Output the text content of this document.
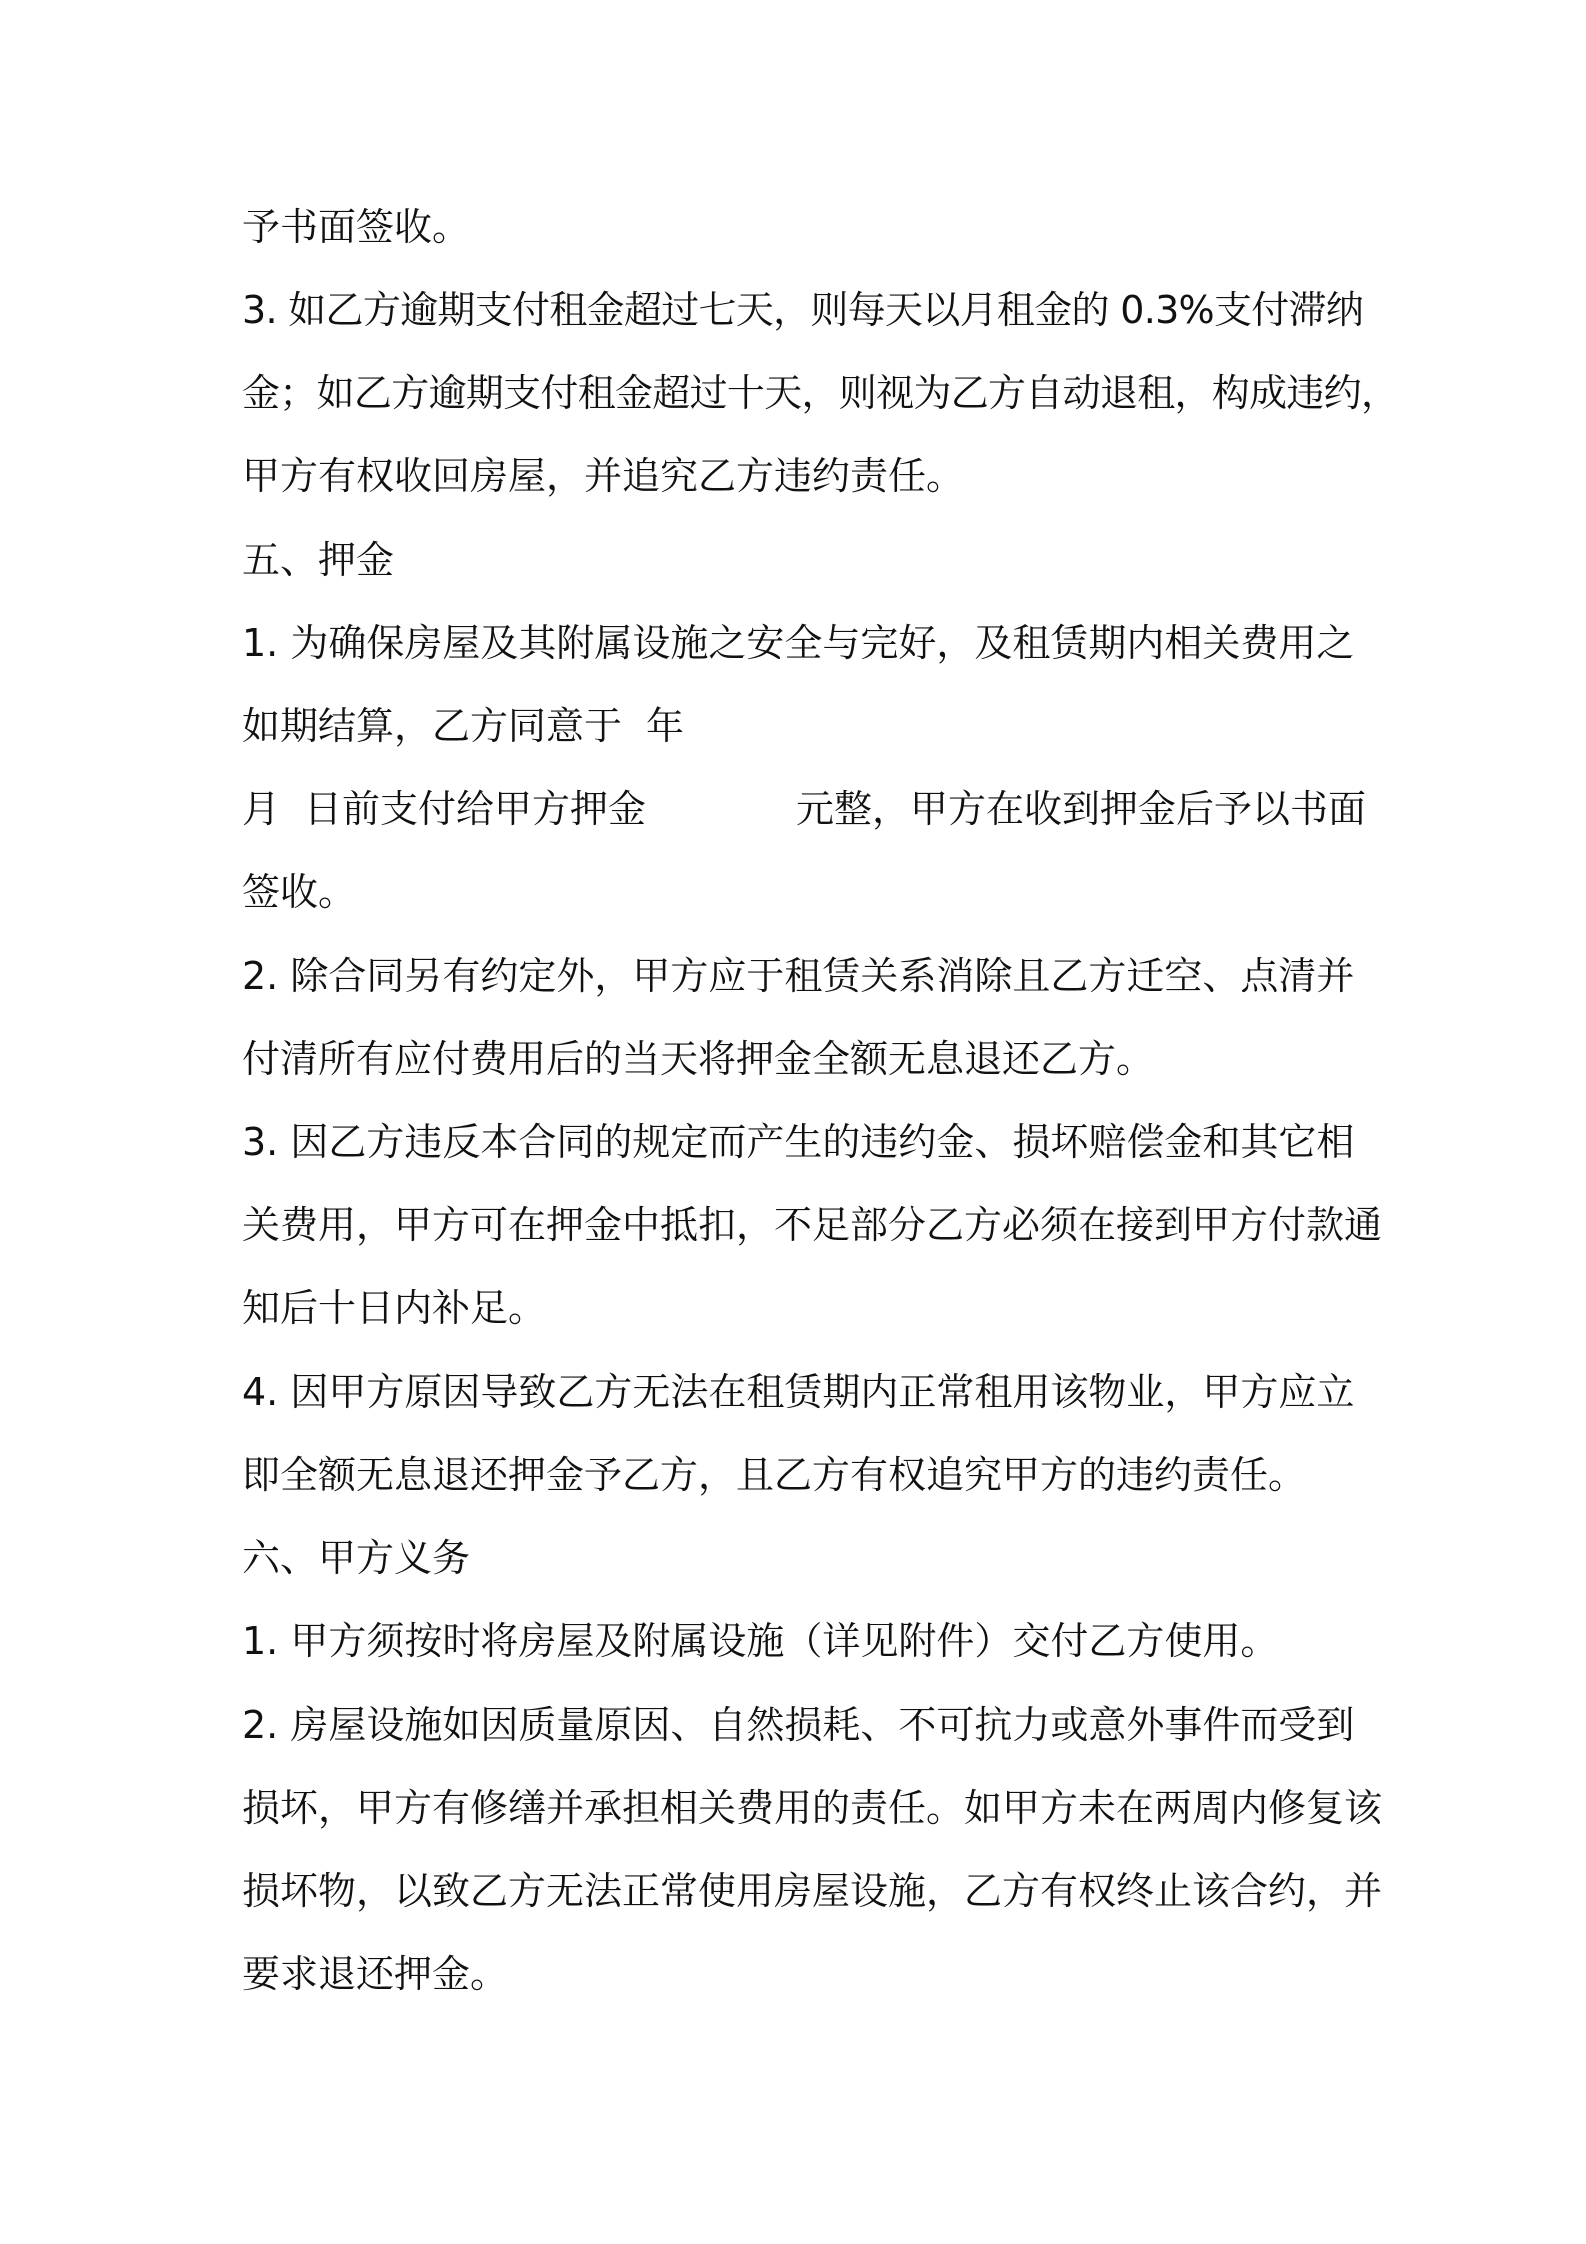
予书面签收。

3. 如乙方逾期支付租金超过七天，则每天以月租金的 0.3%支付滞纳

金；如乙方逾期支付租金超过十天，则视为乙方自动退租，构成违约，

甲方有权收回房屋，并追究乙方违约责任。

五、押金

1. 为确保房屋及其附属设施之安全与完好，及租赁期内相关费用之

如期结算，乙方同意于 年

月 日前支付给甲方押金	元整，甲方在收到押金后予以书面

签收。

2. 除合同另有约定外，甲方应于租赁关系消除且乙方迁空、点清并

付清所有应付费用后的当天将押金全额无息退还乙方。

3. 因乙方违反本合同的规定而产生的违约金、损坏赔偿金和其它相

关费用，甲方可在押金中抵扣，不足部分乙方必须在接到甲方付款通

知后十日内补足。

4. 因甲方原因导致乙方无法在租赁期内正常租用该物业，甲方应立

即全额无息退还押金予乙方，且乙方有权追究甲方的违约责任。

六、甲方义务

1. 甲方须按时将房屋及附属设施（详见附件）交付乙方使用。

2. 房屋设施如因质量原因、自然损耗、不可抗力或意外事件而受到

损坏，甲方有修缮并承担相关费用的责任。如甲方未在两周内修复该

损坏物，以致乙方无法正常使用房屋设施，乙方有权终止该合约，并

要求退还押金。
